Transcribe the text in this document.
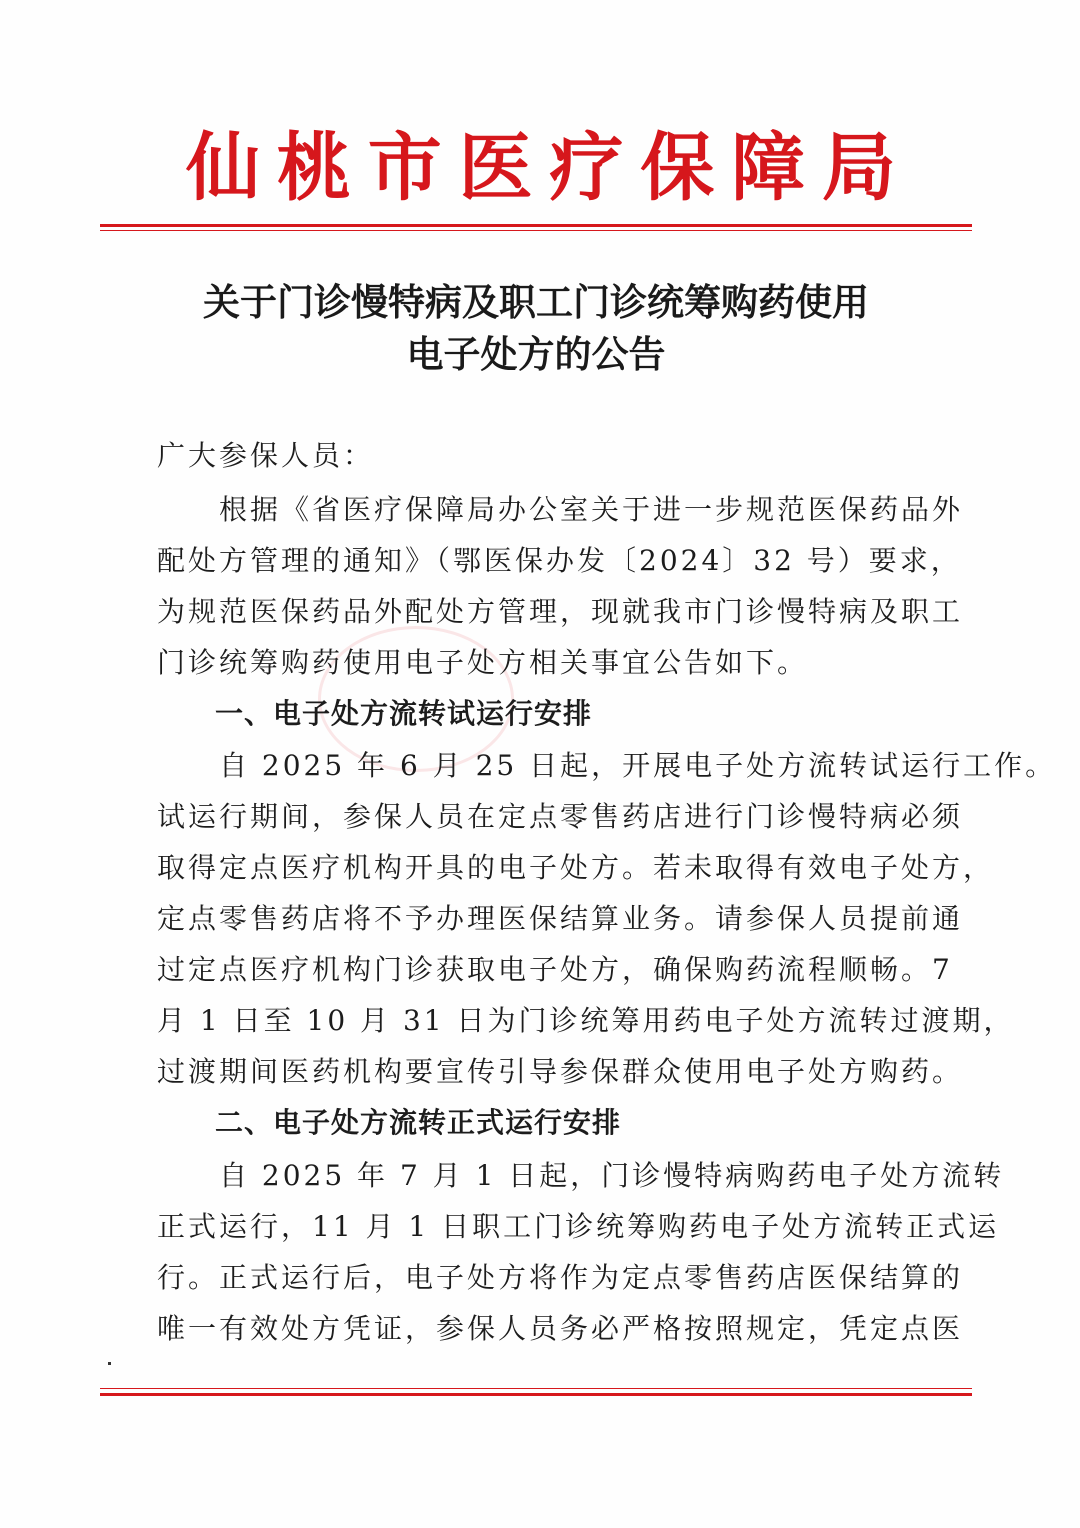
仙 桃 市 医 疗 保 障 局
关于门诊慢特病及职工门诊统筹购药使用
电子处方的公告
广大参保人员：
　　根据《省医疗保障局办公室关于进一步规范医保药品外
配处方管理的通知》（鄂医保办发〔2024〕32 号）要求，
为规范医保药品外配处方管理，现就我市门诊慢特病及职工
门诊统筹购药使用电子处方相关事宜公告如下。
　　一、电子处方流转试运行安排
　　自 2025 年 6 月 25 日起，开展电子处方流转试运行工作。
试运行期间，参保人员在定点零售药店进行门诊慢特病必须
取得定点医疗机构开具的电子处方。若未取得有效电子处方，
定点零售药店将不予办理医保结算业务。请参保人员提前通
过定点医疗机构门诊获取电子处方，确保购药流程顺畅。7
月 1 日至 10 月 31 日为门诊统筹用药电子处方流转过渡期，
过渡期间医药机构要宣传引导参保群众使用电子处方购药。
　　二、电子处方流转正式运行安排
　　自 2025 年 7 月 1 日起，门诊慢特病购药电子处方流转
正式运行，11 月 1 日职工门诊统筹购药电子处方流转正式运
行。正式运行后，电子处方将作为定点零售药店医保结算的
唯一有效处方凭证，参保人员务必严格按照规定，凭定点医
